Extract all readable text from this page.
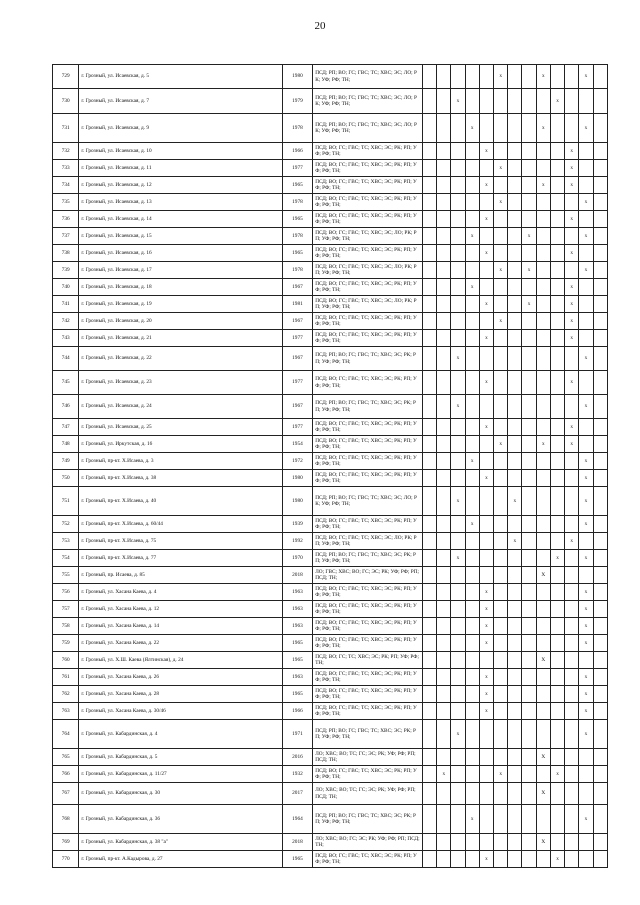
20
729	г. Грозный, ул. Исаевская, д. 5	1980	ПСД; РП; ВО; ГС; ГВС; ТС; ХВС; ЭС; ЛО; РК; УФ; РФ; ТН;						x			x			x	
730	г. Грозный, ул. Исаевская, д. 7	1979	ПСД; РП; ВО; ГС; ГВС; ТС; ХВС; ЭС; ЛО; РК; УФ; РФ; ТН;			x							x			
731	г. Грозный, ул. Исаевская, д. 9	1978	ПСД; РП; ВО; ГС; ГВС; ТС; ХВС; ЭС; ЛО; РК; УФ; РФ; ТН;				x					x			x	
732	г. Грозный, ул. Исаевская, д. 10	1966	ПСД; ВО; ГС; ГВС; ТС; ХВС; ЭС; РК; РП; УФ; РФ; ТН;					x						x		
733	г. Грозный, ул. Исаевская, д. 11	1977	ПСД; ВО; ГС; ГВС; ТС; ХВС; ЭС; РК; РП; УФ; РФ; ТН;						x					x		
734	г. Грозный, ул. Исаевская, д. 12	1965	ПСД; ВО; ГС; ГВС; ТС; ХВС; ЭС; РК; РП; УФ; РФ; ТН;					x				x		x		
735	г. Грозный, ул. Исаевская, д. 13	1978	ПСД; ВО; ГС; ГВС; ТС; ХВС; ЭС; РК; РП; УФ; РФ; ТН;						x						x	
736	г. Грозный, ул. Исаевская, д. 14	1965	ПСД; ВО; ГС; ГВС; ТС; ХВС; ЭС; РК; РП; УФ; РФ; ТН;					x						x		
737	г. Грозный, ул. Исаевская, д. 15	1978	ПСД; ВО; ГС; ГВС; ТС; ХВС; ЭС; ЛО; РК; РП; УФ; РФ; ТН;				x				x				x	
738	г. Грозный, ул. Исаевская, д. 16	1965	ПСД; ВО; ГС; ГВС; ТС; ХВС; ЭС; РК; РП; УФ; РФ; ТН;					x						x		
739	г. Грозный, ул. Исаевская, д. 17	1978	ПСД; ВО; ГС; ГВС; ТС; ХВС; ЭС; ЛО; РК; РП; УФ; РФ; ТН;						x		x				x	
740	г. Грозный, ул. Исаевская, д. 18	1967	ПСД; ВО; ГС; ГВС; ТС; ХВС; ЭС; РК; РП; УФ; РФ; ТН;				x							x		
741	г. Грозный, ул. Исаевская, д. 19	1981	ПСД; ВО; ГС; ГВС; ТС; ХВС; ЭС; ЛО; РК; РП; УФ; РФ; ТН;					x			x			x		
742	г. Грозный, ул. Исаевская, д. 20	1967	ПСД; ВО; ГС; ГВС; ТС; ХВС; ЭС; РК; РП; УФ; РФ; ТН;						x					x		
743	г. Грозный, ул. Исаевская, д. 21	1977	ПСД; ВО; ГС; ГВС; ТС; ХВС; ЭС; РК; РП; УФ; РФ; ТН;					x						x		
744	г. Грозный, ул. Исаевская, д. 22	1967	ПСД; РП; ВО; ГС; ГВС; ТС; ХВС; ЭС; РК; РП; УФ; РФ; ТН;			x									x	
745	г. Грозный, ул. Исаевская, д. 23	1977	ПСД; ВО; ГС; ГВС; ТС; ХВС; ЭС; РК; РП; УФ; РФ; ТН;					x						x		
746	г. Грозный, ул. Исаевская, д. 24	1967	ПСД; РП; ВО; ГС; ГВС; ТС; ХВС; ЭС; РК; РП; УФ; РФ; ТН;			x									x	
747	г. Грозный, ул. Исаевская, д. 25	1977	ПСД; ВО; ГС; ГВС; ТС; ХВС; ЭС; РК; РП; УФ; РФ; ТН;					x						x		
748	г. Грозный, ул. Иркутская, д. 16	1954	ПСД; ВО; ГС; ГВС; ТС; ХВС; ЭС; РК; РП; УФ; РФ; ТН;						x			x		x		
749	г. Грозный, пр-кт. Х.Исаева, д. 3	1972	ПСД; ВО; ГС; ГВС; ТС; ХВС; ЭС; РК; РП; УФ; РФ; ТН;				x								x	
750	г. Грозный, пр-кт. Х.Исаева, д. 38	1980	ПСД; ВО; ГС; ГВС; ТС; ХВС; ЭС; РК; РП; УФ; РФ; ТН;					x							x	
751	г. Грозный, пр-кт. Х.Исаева, д. 40	1980	ПСД; РП; ВО; ГС; ГВС; ТС; ХВС; ЭС; ЛО; РК; УФ; РФ; ТН;			x				x					x	
752	г. Грозный, пр-кт. Х.Исаева, д. 60/44	1939	ПСД; ВО; ГС; ГВС; ТС; ХВС; ЭС; РК; РП; УФ; РФ; ТН;				x								x	
753	г. Грозный, пр-кт. Х.Исаева, д. 75	1992	ПСД; ВО; ГС; ГВС; ТС; ХВС; ЭС; ЛО; РК; РП; УФ; РФ; ТН;							x				x		
754	г. Грозный, пр-кт. Х.Исаева, д. 77	1970	ПСД; РП; ВО; ГС; ГВС; ТС; ХВС; ЭС; РК; РП; УФ; РФ; ТН;			x							x		x	
755	г. Грозный, пр. Исаева, д. 85	2018	ЛО; ГВС; ХВС; ВО; ГС; ЭС; РК; УФ; РФ; РП; ПСД; ТН;									X				
756	г. Грозный, ул. Хасана Каева, д. 4	1963	ПСД; ВО; ГС; ГВС; ТС; ХВС; ЭС; РК; РП; УФ; РФ; ТН;					x							x	
757	г. Грозный, ул. Хасана Каева, д. 12	1963	ПСД; ВО; ГС; ГВС; ТС; ХВС; ЭС; РК; РП; УФ; РФ; ТН;					x							x	
758	г. Грозный, ул. Хасана Каева, д. 14	1963	ПСД; ВО; ГС; ГВС; ТС; ХВС; ЭС; РК; РП; УФ; РФ; ТН;					x							x	
759	г. Грозный, ул. Хасана Каева, д. 22	1965	ПСД; ВО; ГС; ГВС; ТС; ХВС; ЭС; РК; РП; УФ; РФ; ТН;					x							x	
760	г. Грозный, ул. Х.Ш. Каева (Ялтинская), д. 24	1965	ПСД; ВО; ГС; ТС; ХВС; ЭС; РК; РП; УФ; РФ; ТН;									X				
761	г. Грозный, ул. Хасана Каева, д. 26	1963	ПСД; ВО; ГС; ГВС; ТС; ХВС; ЭС; РК; РП; УФ; РФ; ТН;					x							x	
762	г. Грозный, ул. Хасана Каева, д. 28	1965	ПСД; ВО; ГС; ГВС; ТС; ХВС; ЭС; РК; РП; УФ; РФ; ТН;					x							x	
763	г. Грозный, ул. Хасана Каева, д. 30/46	1966	ПСД; ВО; ГС; ГВС; ТС; ХВС; ЭС; РК; РП; УФ; РФ; ТН;					x							x	
764	г. Грозный, ул. Кабардинская, д. 4	1971	ПСД; РП; ВО; ГС; ГВС; ТС; ХВС; ЭС; РК; РП; УФ; РФ; ТН;			x									x	
765	г. Грозный, ул. Кабардинская, д. 5	2016	ЛО; ХВС; ВО; ТС; ГС; ЭС; РК; УФ; РФ; РП; ПСД; ТН;									X				
766	г. Грозный, ул. Кабардинская, д. 11/27	1932	ПСД; ВО; ГС; ГВС; ТС; ХВС; ЭС; РК; РП; УФ; РФ; ТН;		x				x				x			
767	г. Грозный, ул. Кабардинская, д. 30	2017	ЛО; ХВС; ВО; ТС; ГС; ЭС; РК; УФ; РФ; РП; ПСД; ТН;									X				
768	г. Грозный, ул. Кабардинская, д. 36	1964	ПСД; РП; ВО; ГС; ГВС; ТС; ХВС; ЭС; РК; РП; УФ; РФ; ТН;				x								x	
769	г. Грозный, ул. Кабардинская, д. 38 "а"	2018	ЛО; ХВС; ВО; ГС; ЭС; РК; УФ; РФ; РП; ПСД; ТН;									X				
770	г. Грозный, пр-кт. А.Кадырова, д. 27	1965	ПСД; ВО; ГС; ГВС; ТС; ХВС; ЭС; РК; РП; УФ; РФ; ТН;					x					x			
